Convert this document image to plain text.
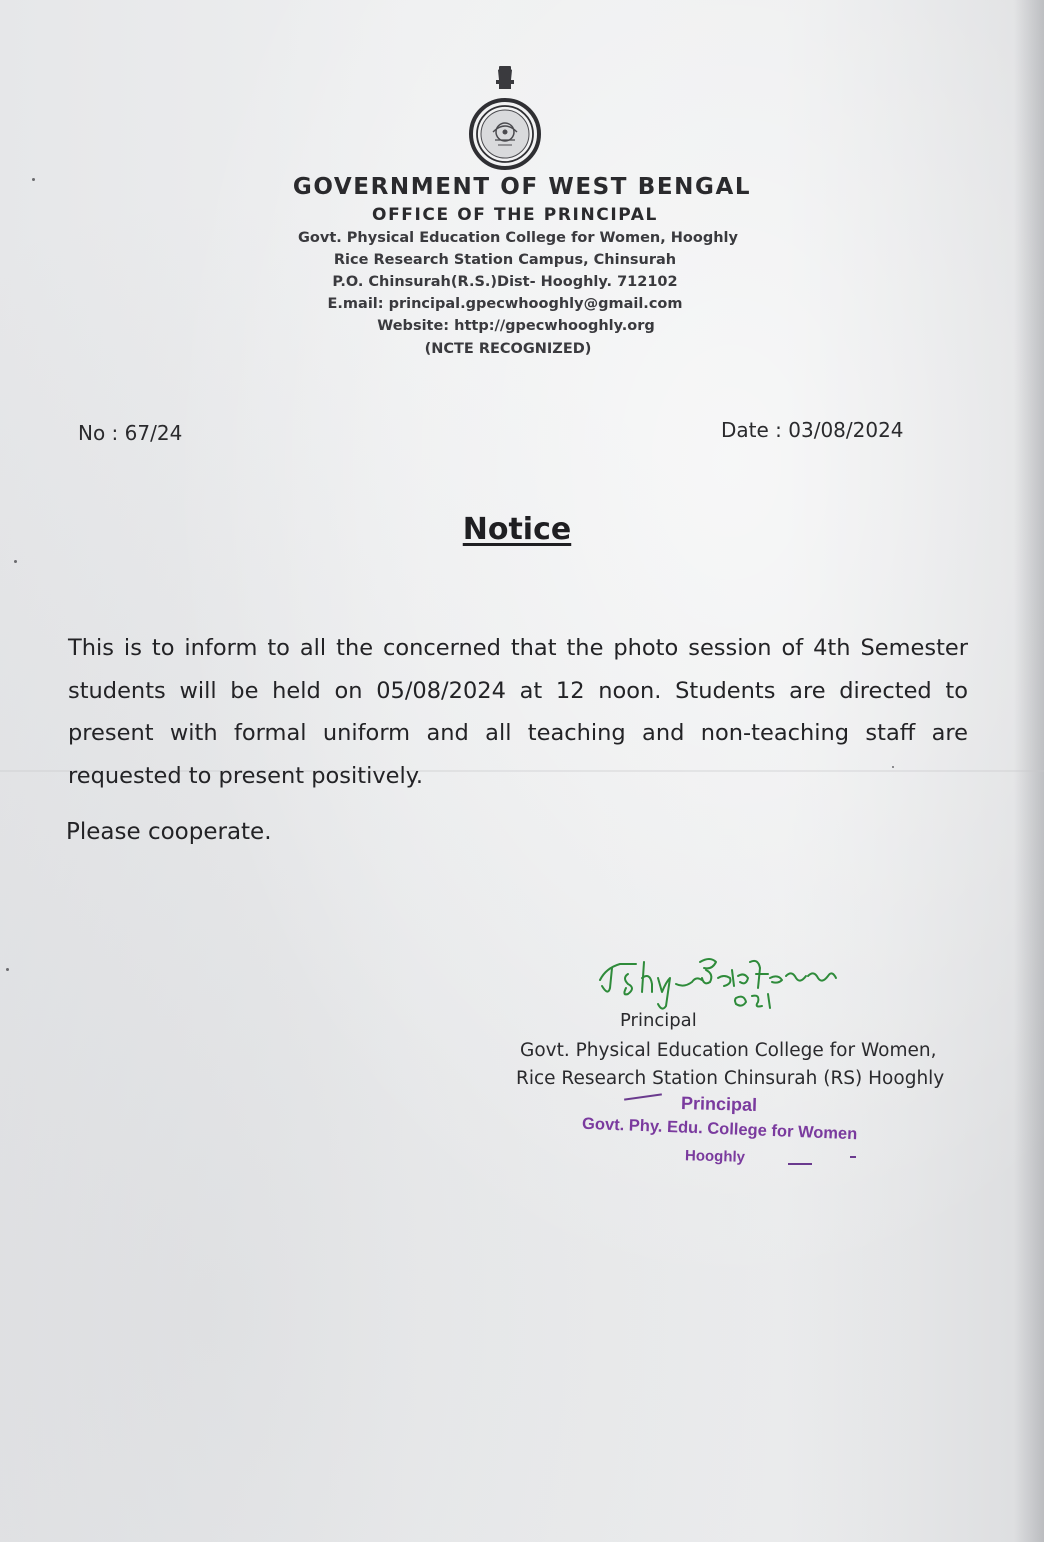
GOVERNMENT OF WEST BENGAL
OFFICE OF THE PRINCIPAL
Govt. Physical Education College for Women, Hooghly
Rice Research Station Campus, Chinsurah
P.O. Chinsurah(R.S.)Dist- Hooghly. 712102
E.mail: principal.gpecwhooghly@gmail.com
Website: http://gpecwhooghly.org
(NCTE RECOGNIZED)
No : 67/24	Date : 03/08/2024
Notice
This is to inform to all the concerned that the photo session of 4th Semester students will be held on 05/08/2024 at 12 noon. Students are directed to present with formal uniform and all teaching and non-teaching staff are requested to present positively.
Please cooperate.
Principal
Govt. Physical Education College for Women,
Rice Research Station Chinsurah (RS) Hooghly
Principal
Govt. Phy. Edu. College for Women
Hooghly
